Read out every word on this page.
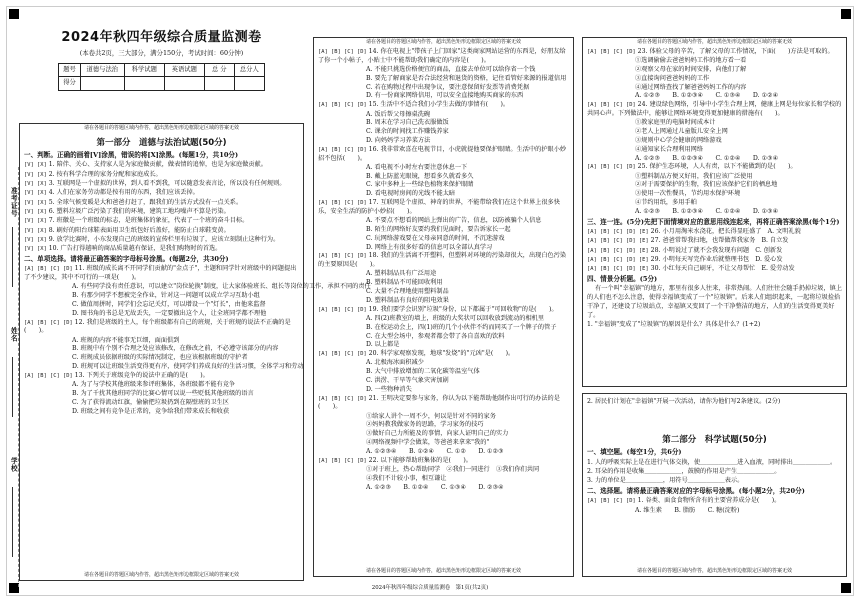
准考证号
姓名
学校
2024年秋四年级综合质量监测卷
(本卷共2页，三大部分，满分150分，考试时间：60分钟)
题号	道德与法治	科学试题	英语试题	总 分	总分人
得分					
请在各题目的答题区域内作答，超出黑色矩形边框限定区域的答案无效
第一部分　道德与法治试题(50分)
一、判断。正确的画着[Ⅴ]涂黑，错误的将[Ⅹ]涂黑。(每题1分，共10分)
[V] [X] 1. 陪伴、关心、支持家人是为家庭做贡献，做表情的追悼，也是为家庭做贡献。
[V] [X] 2. 按有科学合理的家务分配和家庭成长。
[V] [X] 3. 互联网是一个虚拟的世界，到人看不到我，可以随意发表言论，所以没有任何规则。
[V] [X] 4. 人们在家务劳动都是按有用的东西，我们应该丢掉。
[V] [X] 5. 全球气候变暖是大和爸爸打赶了，跟我们的生活方式没有一点关系。
[V] [X] 6. 塑料垃圾广泛污染了我们的环境，建筑工地均噪声不算是污染。
[V] [X] 7. 班徽是一个班级的标志，是班集体的象征，代表了一个班的奋斗目标。
[V] [X] 8. 刷好的阳台球鞋表面用卫生纸包好后盖好，能防止白球鞋变黄。
[V] [X] 9. 放学比赛时，小东发现自己的班级的宣传栏里有垃圾了，应该立刻制止这种行为。
[V] [X] 10. 广告打得越响的商品质量越有保证，是我们购物时的首选。
二、单项选择。请将最正确答案的字母标号涂黑。(每题2分，共30分)
[A] [B] [C] [D] 11. 班级的成长离不开同学们贡献的"金点子"，主题和同学针对班级中的问题提出了不少建议，其中不可行的一项是(　　)。
A. 有些同学没有责任意识，可以建立"岗位轮换"制度，让大家体验班长、组长等岗位的工作，承担不同的责任
B. 有那少同学不想被完全作业，针对这一问题可以成立学习互助小组
C. 做值周拼时，同学们会忘记关灯，可以增设一个"灯长"，由他来监督
D. 图书角的书总是无故丢失，一定要撤出这个人，让全班同学都不理他
[A] [B] [C] [D] 12. 我们是班级的主人，每个班级都有自己的班规，关于班规的说法不正确的是(　　)。
A. 班规的内容不能事无巨细，面面俱到
B. 班规中有个别不合理之处应该修改，在修改之前，不必遵守该部分的内容
C. 班规成员依据班级的实际情况制定，也应该根据班级的守护者
D. 班规可以让班级生活变得更有序，使同学们养成良好的生活习惯，全体学习和劳动
[A] [B] [C] [D] 13. 下列关于班级竞争的说法中正确的是(　　)。
A. 为了与学校其他班级来参评班集体，各班级都不能有竞争
B. 为了千扰其他班同学的比赛心情可以说一些贬低其他班级的语言
C. 为了获得流动红旗，偷偷把垃圾扔到在隔壁班的卫生区
D. 班级之间有竞争是正常的，竞争给我们带来成长和收获
请在各题目的答题区域内作答，超出黑色矩形边框限定区域的答案无效
请在各题目的答题区域内作答，超出黑色矩形边框限定区域的答案无效
[A] [B] [C] [D] 14. 你在电视上"带孩子上门回家"这类商家网站运营的东西是，好朋友给了你一个小帖子，小贴士中不能帮助我们确定的内容是(　　)。
A. 不能只挑选价格便宜的商品，直接去单位可以给你省一个钱
B. 要先了解商家是否合法经营和退货的资格，记住看管好来源的报道信用
C. 若在购物过程中出现争议，要注意保留好发票等消费凭据
D. 有一份商家网络信用，可以安全直接地购买商家的东西
[A] [B] [C] [D] 15. 生活中不适合我们小学生去做的事情有(　　)。
A. 饭后帮父母擦桌洗碗
B. 周末在学习自己洗衣服做饭
C. 课余的时间找工作赚钱养家
D. 向妈妈学习养菜方法
[A] [B] [C] [D] 16. 我非常欢喜在电视节目，小虎就提他要保护眼睛。生活中的护眼小妙招不包括(　　)。
A. 看电视不小时左右要注意休息一下
B. 戴上防蓝光眼镜，想看多久就看多久
C. 家中多种上一些绿色植物来保护眼睛
D. 看电视时房间的光线不能太暗
[A] [B] [C] [D] 17. 互联网是个虚拟、神奇的世界，不能带给我们在这个世界上很多快乐，安全生活的防护小妙招(　　)。
A. 不要点不想看的网站上弹出的广告，信息，以防被骗个人信息
B. 陌生的网络好友要约我们见面时，要告诉家长一起
C. 玩网络游戏要在父母亲同意的时间，不沉迷游戏
D. 网络上有很多好看的信息可以全部认真学习
[A] [B] [C] [D] 18. 我们的生活离不开塑料，但塑料对环境的污染却很大，出现白色污染的主要原因是(　　)。
A. 塑料制品具有广泛用途
B. 塑料制品不可能回收利用
C. 大量不合理地使用塑料制品
D. 塑料制品有良好的阻电效果
[A] [B] [C] [D] 19. 我们要学会识别"垃圾"身份，以下都属于"可回收物"的是(　　)。
A. 四(2)班教室的墙上，班级的大奖状可以回收放到流动的相机里
B. 在校运动会上，四(1)班的几个小伙伴不约而同买了一个牌子的管子
C. 在大型会场中，参观者都会带了各自喜欢的饮料
D. 以上都是
[A] [B] [C] [D] 20. 科学家观察发现，地球"发烧"的"元凶"是(　　)。
A. 北极海冰面积减少
B. 大气中排放增加的二氧化碳等温室气体
C. 洪涝、干旱等气象灾害加剧
D. 一些物种消失
[A] [B] [C] [D] 21. 王明决定要参与家务，你认为以下能帮助他制作出可行的办法的是(　　)。
①给家人讲个一周不少，何以是针对不同的家务
②妈妈教我做家务的思路，学习家务的技巧
③做好自己力所能及的事情，向家人证明自己的实力
④网络视频中学会做菜，等爸爸来拿来"我的"
A. ①②③④　　B. ①②④　　C. ①②　　D. ①②③
[A] [B] [C] [D] 22. 以下能够帮助班集体的是(　　)。
①对于班上，热心帮助同学　②我们一同进行　③我们你们共同
④我们不计较小事，相互谦让
A. ①②③　　B. ①②④　　C. ①③④　　D. ②③④
请在各题目的答题区域内作答，超出黑色矩形边框限定区域的答案无效
请在各题目的答题区域内作答，超出黑色矩形边框限定区域的答案无效
[A] [B] [C] [D] 23. 体验父母的辛苦，了解父母的工作情况，下面(　　)方法是可取的。
①选调偷偷去爸爸妈妈工作的地方看一看
②观察父母在家的时间安排，向他们了解
③直接询问爸爸妈妈的工作
④通过网络查找了解爸爸妈妈工作的内容
A. ①②③　　B. ①②③④　　C. ①③④　　D. ①②④
[A] [B] [C] [D] 24. 建设绿色网络，引导中小学生合理上网，健康上网是每位家长和学校的共同心声。下列做法中，能够让网络环境变得更加健康的措施有(　　)。
①教家庭里的电脑时间成本计
②老人上网通过儿童版儿安全上网
③规则中心学会健康的网络游戏
④通知家长合理利用网络
A. ①②③　　B. ①②③④　　C. ①②④　　D. ①③④
[A] [B] [C] [D] 25. 保护生态环境，人人有责，以下不能做到的是(　　)。
①塑料制品方便又好用，我们应该广泛使用
②对于需要保护的生物，我们应该保护它们的栖息地
③使用一次性餐具，节约用水保护环境
④节约用纸，多用手帕
A. ①②③　　B. ①②③④　　C. ①②④　　D. ①③④
三、连一连。(5分)先把下面情境对应的意思用线连起来，再将正确答案涂黑(每个1分)
[A] [B] [C] [D] [E] 26. 小月用淘米水浇花，把长得显旺盛了　 A. 文明礼貌
[A] [B] [C] [D] [E] 27. 爸爸常帮我扫地，也帮做帮我家务　 B. 自立发
[A] [B] [C] [D] [E] 28. 小明说过了就不会我发现有问题　 C. 创新发
[A] [B] [C] [D] [E] 29. 小明每天写完作业后就整理书包　 D. 爱心发
[A] [B] [C] [D] [E] 30. 小红每天自己刷牙，不让父母帮忙　 E. 爱劳动发
四、情景分析题。(5分)
有一个叫"幸福镇"的地方，那里有很多人往来，非常热闹。人们往往会随手扔掉垃圾，镇上的人们也不怎么注意，使得幸福镇变成了一个"垃圾镇"。后来人们组织起来，一起将垃圾捡拾干净了，还建设了垃圾站点，幸福镇又变回了一个干净整洁的地方，人们的生活变得更美好了。
1. "幸福镇"变成了"垃圾镇"的原因是什么？具体是什么？(1+2)
2. 居民们计划在"幸福镇"开展一次活动，请你为他们写2条建议。(2分)
第二部分　科学试题(50分)
一、填空题。(每空1分，共6分)
1. 人的呼吸实际上是在进行气体交换，使＿＿＿＿＿＿进入血液，同时排出＿＿＿＿＿＿。
2. 耳朵的作用是收集＿＿＿＿＿＿，鼓膜的作用是产生＿＿＿＿＿＿。
3. 力的单位是＿＿＿＿＿＿，用符号＿＿＿＿＿＿表示。
二、选择题。请将最正确答案对应的字母标号涂黑。(每小题2分，共20分)
[A] [B] [C] [D] 1. 谷类、面食食物所含有的主要营养成分是(　　)。
A. 维生素　　B. 脂肪　　C. 糖(淀粉)
请在各题目的答题区域内作答，超出黑色矩形边框限定区域的答案无效
2024年秋四年级综合质量监测卷　第1页(共2页)
